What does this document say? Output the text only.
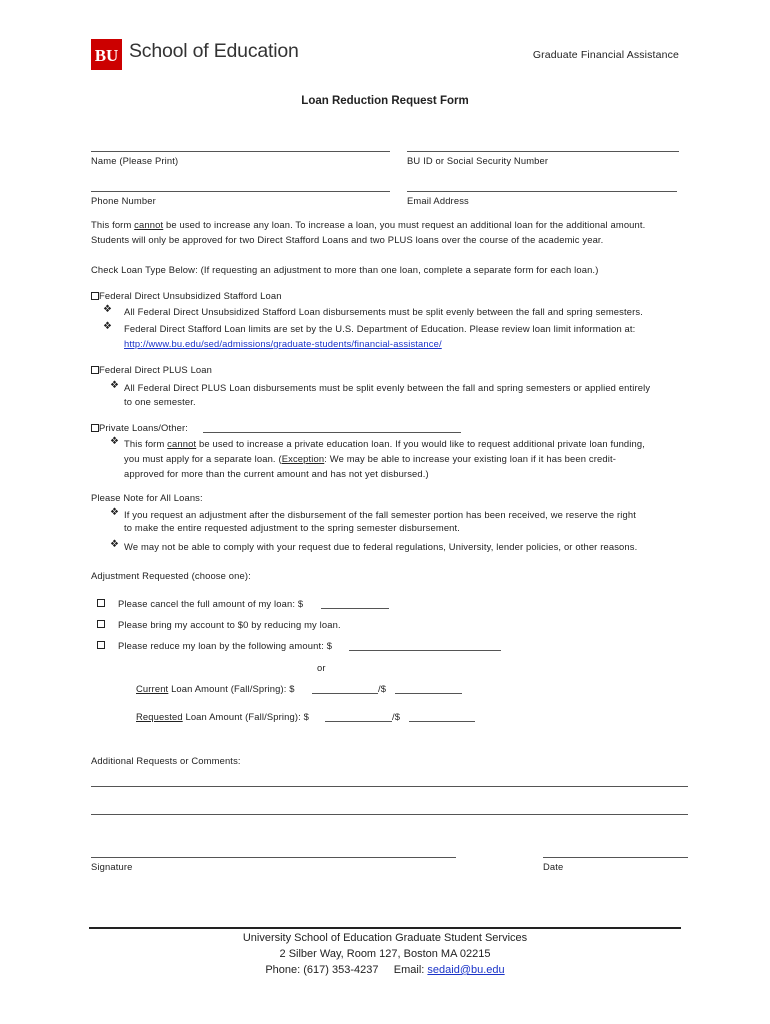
BU School of Education	Graduate Financial Assistance
Loan Reduction Request Form
Name (Please Print)	BU ID or Social Security Number
Phone Number	Email Address
This form cannot be used to increase any loan. To increase a loan, you must request an additional loan for the additional amount.
Students will only be approved for two Direct Stafford Loans and two PLUS loans over the course of the academic year.
Check Loan Type Below: (If requesting an adjustment to more than one loan, complete a separate form for each loan.)
Federal Direct Unsubsidized Stafford Loan
❖ All Federal Direct Unsubsidized Stafford Loan disbursements must be split evenly between the fall and spring semesters.
❖ Federal Direct Stafford Loan limits are set by the U.S. Department of Education. Please review loan limit information at:
http://www.bu.edu/sed/admissions/graduate-students/financial-assistance/
Federal Direct PLUS Loan
❖ All Federal Direct PLUS Loan disbursements must be split evenly between the fall and spring semesters or applied entirely
to one semester.
Private Loans/Other:
❖ This form cannot be used to increase a private education loan. If you would like to request additional private loan funding,
you must apply for a separate loan. (Exception: We may be able to increase your existing loan if it has been credit-
approved for more than the current amount and has not yet disbursed.)
Please Note for All Loans:
❖ If you request an adjustment after the disbursement of the fall semester portion has been received, we reserve the right
to make the entire requested adjustment to the spring semester disbursement.
❖ We may not be able to comply with your request due to federal regulations, University, lender policies, or other reasons.
Adjustment Requested (choose one):
Please cancel the full amount of my loan: $
Please bring my account to $0 by reducing my loan.
Please reduce my loan by the following amount: $
or
Current Loan Amount (Fall/Spring): $	/$
Requested Loan Amount (Fall/Spring): $	/$
Additional Requests or Comments:
Signature	Date
University School of Education Graduate Student Services
2 Silber Way, Room 127, Boston MA 02215
Phone: (617) 353-4237 Email: sedaid@bu.edu
